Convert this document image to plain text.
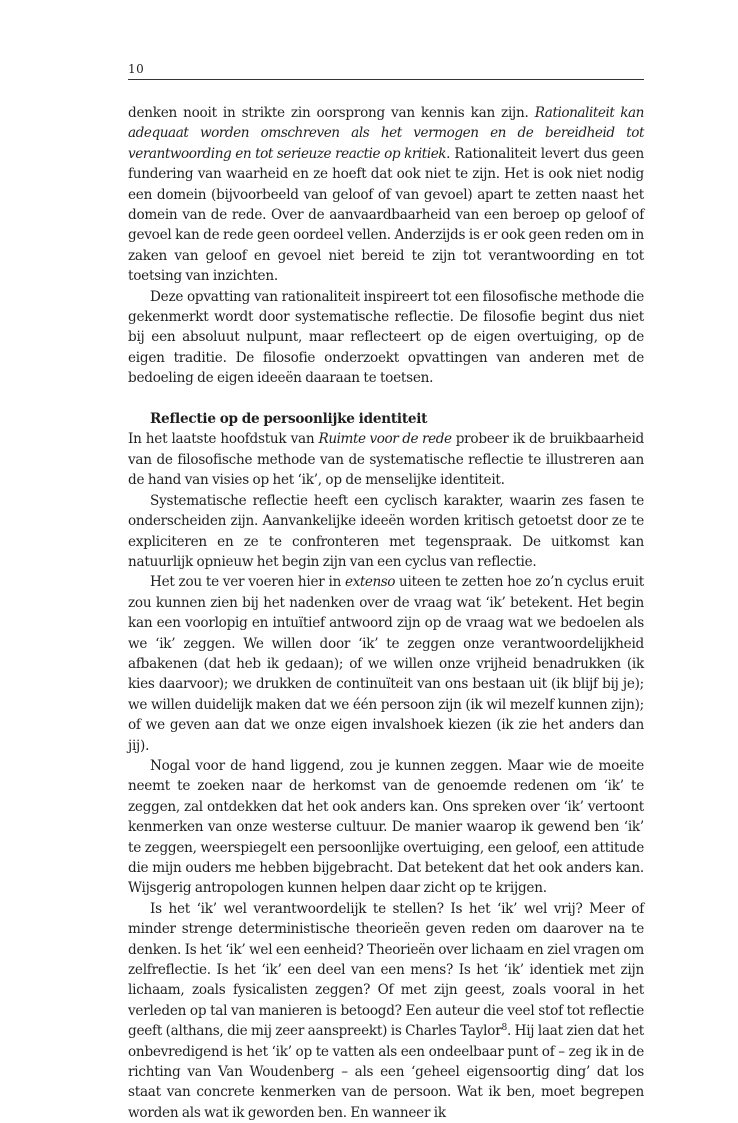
10

denken nooit in strikte zin oorsprong van kennis kan zijn. Rationaliteit kan adequaat worden omschreven als het vermogen en de bereidheid tot verantwoording en tot serieuze reactie op kritiek. Rationaliteit levert dus geen fundering van waarheid en ze hoeft dat ook niet te zijn. Het is ook niet nodig een domein (bijvoorbeeld van geloof of van gevoel) apart te zetten naast het domein van de rede. Over de aanvaardbaarheid van een beroep op geloof of gevoel kan de rede geen oordeel vellen. Anderzijds is er ook geen reden om in zaken van geloof en gevoel niet bereid te zijn tot verantwoording en tot toetsing van inzichten.

Deze opvatting van rationaliteit inspireert tot een filosofische methode die gekenmerkt wordt door systematische reflectie. De filosofie begint dus niet bij een absoluut nulpunt, maar reflecteert op de eigen overtuiging, op de eigen traditie. De filosofie onderzoekt opvattingen van anderen met de bedoeling de eigen ideeën daaraan te toetsen.

Reflectie op de persoonlijke identiteit

In het laatste hoofdstuk van Ruimte voor de rede probeer ik de bruikbaarheid van de filosofische methode van de systematische reflectie te illustreren aan de hand van visies op het ‘ik’, op de menselijke identiteit.

Systematische reflectie heeft een cyclisch karakter, waarin zes fasen te onderscheiden zijn. Aanvankelijke ideeën worden kritisch getoetst door ze te expliciteren en ze te confronteren met tegenspraak. De uitkomst kan natuurlijk opnieuw het begin zijn van een cyclus van reflectie.

Het zou te ver voeren hier in extenso uiteen te zetten hoe zo’n cyclus eruit zou kunnen zien bij het nadenken over de vraag wat ‘ik’ betekent. Het begin kan een voorlopig en intuïtief antwoord zijn op de vraag wat we bedoelen als we ‘ik’ zeggen. We willen door ‘ik’ te zeggen onze verantwoordelijkheid afbakenen (dat heb ik gedaan); of we willen onze vrijheid benadrukken (ik kies daarvoor); we drukken de continuïteit van ons bestaan uit (ik blijf bij je); we willen duidelijk maken dat we één persoon zijn (ik wil mezelf kunnen zijn); of we geven aan dat we onze eigen invalshoek kiezen (ik zie het anders dan jij).

Nogal voor de hand liggend, zou je kunnen zeggen. Maar wie de moeite neemt te zoeken naar de herkomst van de genoemde redenen om ‘ik’ te zeggen, zal ontdekken dat het ook anders kan. Ons spreken over ‘ik’ vertoont kenmerken van onze westerse cultuur. De manier waarop ik gewend ben ‘ik’ te zeggen, weerspiegelt een persoonlijke overtuiging, een geloof, een attitude die mijn ouders me hebben bijgebracht. Dat betekent dat het ook anders kan. Wijsgerig antropologen kunnen helpen daar zicht op te krijgen.

Is het ‘ik’ wel verantwoordelijk te stellen? Is het ‘ik’ wel vrij? Meer of minder strenge deterministische theorieën geven reden om daarover na te denken. Is het ‘ik’ wel een eenheid? Theorieën over lichaam en ziel vragen om zelfreflectie. Is het ‘ik’ een deel van een mens? Is het ‘ik’ identiek met zijn lichaam, zoals fysicalisten zeggen? Of met zijn geest, zoals vooral in het verleden op tal van manieren is betoogd? Een auteur die veel stof tot reflectie geeft (althans, die mij zeer aanspreekt) is Charles Taylor$^8$. Hij laat zien dat het onbevredigend is het ‘ik’ op te vatten als een ondeelbaar punt of – zeg ik in de richting van Van Woudenberg – als een ‘geheel eigensoortig ding’ dat los staat van concrete kenmerken van de persoon. Wat ik ben, moet begrepen worden als wat ik geworden ben. En wanneer ik
